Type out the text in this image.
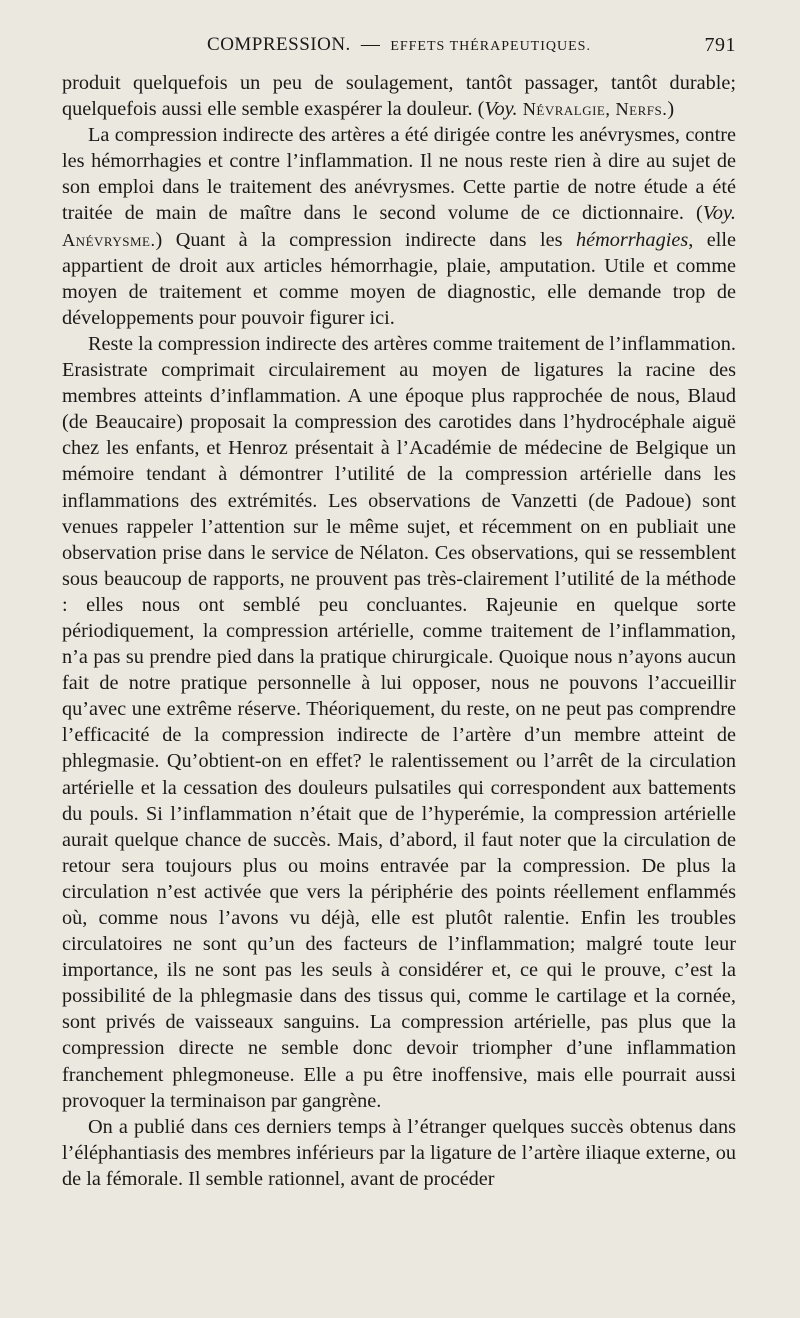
COMPRESSION. — EFFETS THÉRAPEUTIQUES.	791

produit quelquefois un peu de soulagement, tantôt passager, tantôt durable; quelquefois aussi elle semble exaspérer la douleur. (Voy. Névralgie, Nerfs.)

La compression indirecte des artères a été dirigée contre les anévrysmes, contre les hémorrhagies et contre l’inflammation. Il ne nous reste rien à dire au sujet de son emploi dans le traitement des anévrysmes. Cette partie de notre étude a été traitée de main de maître dans le second volume de ce dictionnaire. (Voy. Anévrysme.) Quant à la compression indirecte dans les hémorrhagies, elle appartient de droit aux articles hémorrhagie, plaie, amputation. Utile et comme moyen de traitement et comme moyen de diagnostic, elle demande trop de développements pour pouvoir figurer ici.

Reste la compression indirecte des artères comme traitement de l’inflammation. Erasistrate comprimait circulairement au moyen de ligatures la racine des membres atteints d’inflammation. A une époque plus rapprochée de nous, Blaud (de Beaucaire) proposait la compression des carotides dans l’hydrocéphale aiguë chez les enfants, et Henroz présentait à l’Académie de médecine de Belgique un mémoire tendant à démontrer l’utilité de la compression artérielle dans les inflammations des extrémités. Les observations de Vanzetti (de Padoue) sont venues rappeler l’attention sur le même sujet, et récemment on en publiait une observation prise dans le service de Nélaton. Ces observations, qui se ressemblent sous beaucoup de rapports, ne prouvent pas très-clairement l’utilité de la méthode : elles nous ont semblé peu concluantes. Rajeunie en quelque sorte périodiquement, la compression artérielle, comme traitement de l’inflammation, n’a pas su prendre pied dans la pratique chirurgicale. Quoique nous n’ayons aucun fait de notre pratique personnelle à lui opposer, nous ne pouvons l’accueillir qu’avec une extrême réserve. Théoriquement, du reste, on ne peut pas comprendre l’efficacité de la compression indirecte de l’artère d’un membre atteint de phlegmasie. Qu’obtient-on en effet? le ralentissement ou l’arrêt de la circulation artérielle et la cessation des douleurs pulsatiles qui correspondent aux battements du pouls. Si l’inflammation n’était que de l’hyperémie, la compression artérielle aurait quelque chance de succès. Mais, d’abord, il faut noter que la circulation de retour sera toujours plus ou moins entravée par la compression. De plus la circulation n’est activée que vers la périphérie des points réellement enflammés où, comme nous l’avons vu déjà, elle est plutôt ralentie. Enfin les troubles circulatoires ne sont qu’un des facteurs de l’inflammation; malgré toute leur importance, ils ne sont pas les seuls à considérer et, ce qui le prouve, c’est la possibilité de la phlegmasie dans des tissus qui, comme le cartilage et la cornée, sont privés de vaisseaux sanguins. La compression artérielle, pas plus que la compression directe ne semble donc devoir triompher d’une inflammation franchement phlegmoneuse. Elle a pu être inoffensive, mais elle pourrait aussi provoquer la terminaison par gangrène.

On a publié dans ces derniers temps à l’étranger quelques succès obtenus dans l’éléphantiasis des membres inférieurs par la ligature de l’artère iliaque externe, ou de la fémorale. Il semble rationnel, avant de procéder
